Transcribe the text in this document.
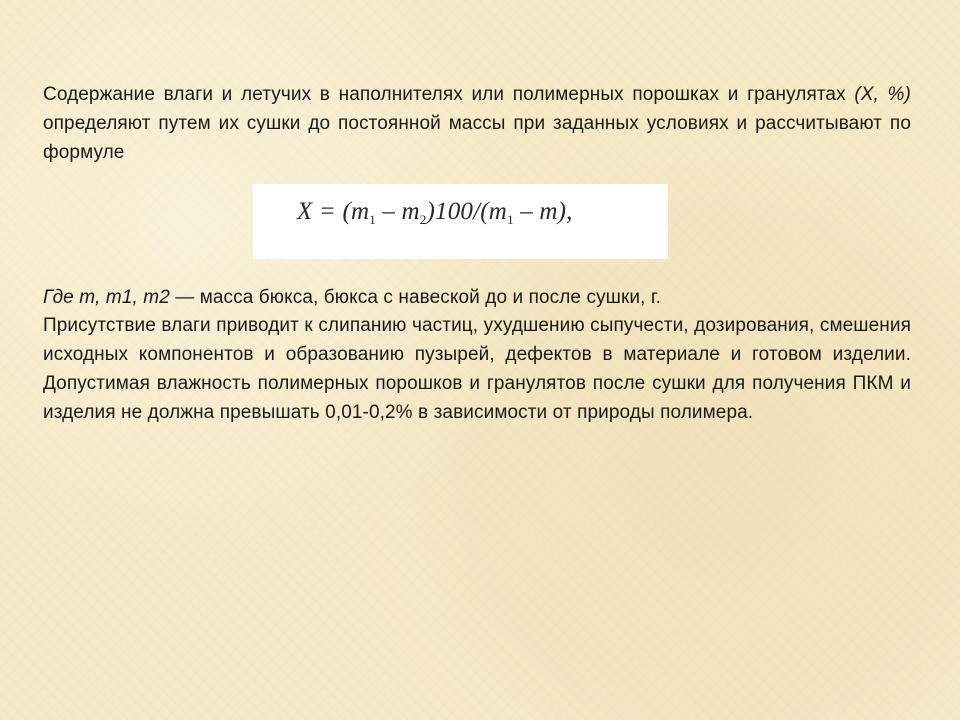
Содержание влаги и летучих в наполнителях или полимерных порошках и гранулятах (X, %) определяют путем их сушки до постоянной массы при заданных условиях и рассчитывают по формуле

$X = (m_1 - m_2)100/(m_1 - m)$,

Где m, m1, m2 — масса бюкса, бюкса с навеской до и после сушки, г.

Присутствие влаги приводит к слипанию частиц, ухудшению сыпучести, дозирования, смешения исходных компонентов и образованию пузырей, дефектов в материале и готовом изделии. Допустимая влажность полимерных порошков и гранулятов после сушки для получения ПКМ и изделия не должна превышать 0,01-0,2% в зависимости от природы полимера.
